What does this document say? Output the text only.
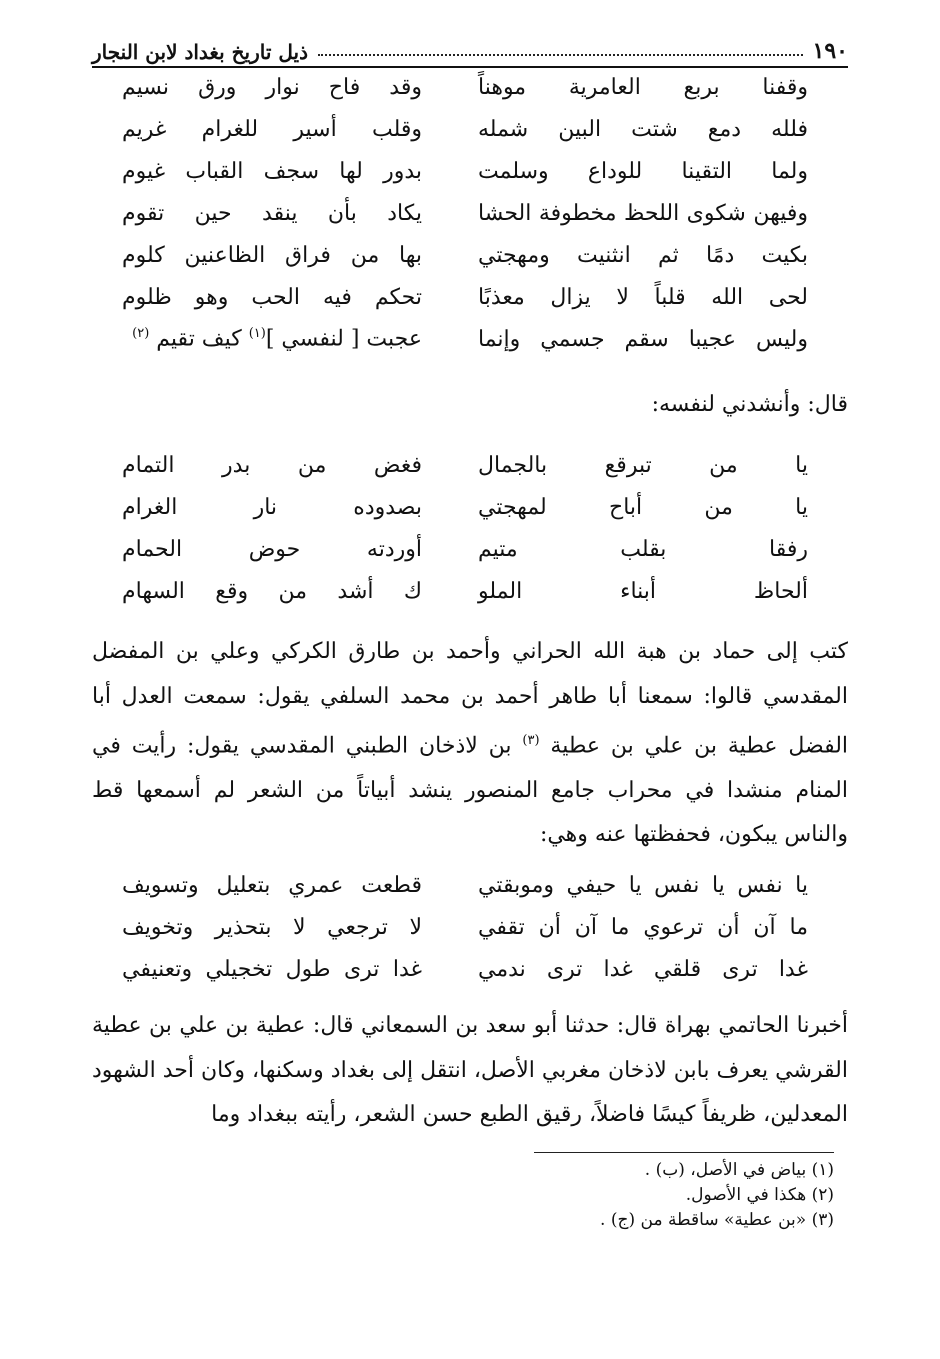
١٩٠
ذيل تاريخ بغداد لابن النجار
وقفنا بربع العامرية موهناً
وقد فاح نوار ورق نسيم
فلله دمع شتت البين شمله
وقلب أسير للغرام غريم
ولما التقينا للوداع وسلمت
بدور لها سجف القباب غيوم
وفيهن شكوى اللحظ مخطوفة الحشا
يكاد بأن ينقد حين تقوم
بكيت دمًا ثم انثنيت ومهجتي
بها من فراق الظاعنين كلوم
لحى الله قلباً لا يزال معذبًا
تحكم فيه الحب وهو ظلوم
وليس عجيبا سقم جسمي وإنما
عجبت [ لنفسي ]$^{(١)}$ كيف تقيم $^{(٢)}$
قال: وأنشدني لنفسه:
يا من تبرقع بالجمال
فغض من بدر التمام
يا من أباح لمهجتي
بصدوده نار الغرام
رفقا بقلب متيم
أوردته حوض الحمام
ألحاظ أبناء الملو
ك أشد من وقع السهام
كتب إلى حماد بن هبة الله الحراني وأحمد بن طارق الكركي وعلي بن المفضل المقدسي قالوا: سمعنا أبا طاهر أحمد بن محمد السلفي يقول: سمعت العدل أبا الفضل عطية بن علي بن عطية $^{(٣)}$ بن لاذخان الطبني المقدسي يقول: رأيت في المنام منشدا في محراب جامع المنصور ينشد أبياتاً من الشعر لم أسمعها قط والناس يبكون، فحفظتها عنه وهي:
يا نفس يا نفس يا حيفي وموبقتي
قطعت عمري بتعليل وتسويف
ما آن أن ترعوي ما آن أن تقفي
لا ترجعي لا بتحذير وتخويف
غدا ترى قلقي غدا ترى ندمي
غدا ترى طول تخجيلي وتعنيفي
أخبرنا الحاتمي بهراة قال: حدثنا أبو سعد بن السمعاني قال: عطية بن علي بن عطية القرشي يعرف بابن لاذخان مغربي الأصل، انتقل إلى بغداد وسكنها، وكان أحد الشهود المعدلين، ظريفاً كيسًا فاضلاً، رقيق الطبع حسن الشعر، رأيته ببغداد وما
(١) بياض في الأصل، (ب) .
(٢) هكذا في الأصول.
(٣) «بن عطية» ساقطة من (ج) .
